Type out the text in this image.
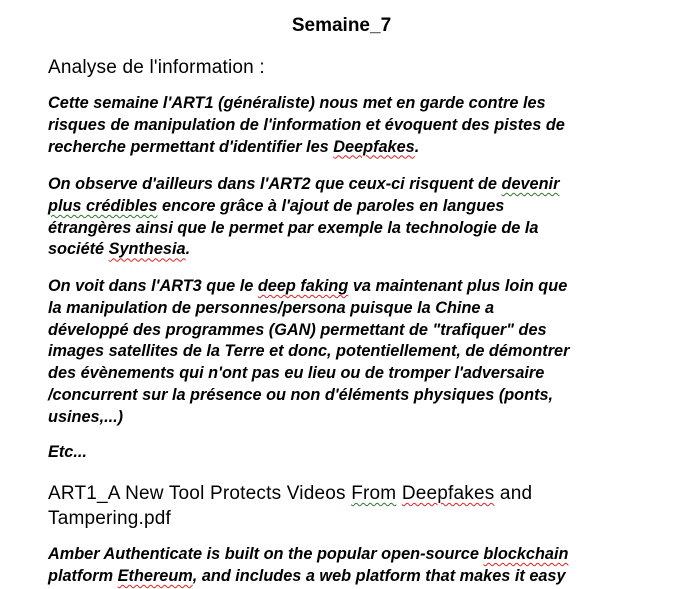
Semaine_7
Analyse de l'information :
Cette semaine l'ART1 (généraliste) nous met en garde contre les
risques de manipulation de l'information et évoquent des pistes de
recherche permettant d'identifier les Deepfakes.
On observe d'ailleurs dans l'ART2 que ceux-ci risquent de devenir
plus crédibles encore grâce à l'ajout de paroles en langues
étrangères ainsi que le permet par exemple la technologie de la
société Synthesia.
On voit dans l'ART3 que le deep faking va maintenant plus loin que
la manipulation de personnes/persona puisque la Chine a
développé des programmes (GAN) permettant de "trafiquer" des
images satellites de la Terre et donc, potentiellement, de démontrer
des évènements qui n'ont pas eu lieu ou de tromper l'adversaire
/concurrent sur la présence ou non d'éléments physiques (ponts,
usines,...)
Etc...
ART1_A New Tool Protects Videos From Deepfakes and
Tampering.pdf
Amber Authenticate is built on the popular open-source blockchain
platform Ethereum, and includes a web platform that makes it easy
